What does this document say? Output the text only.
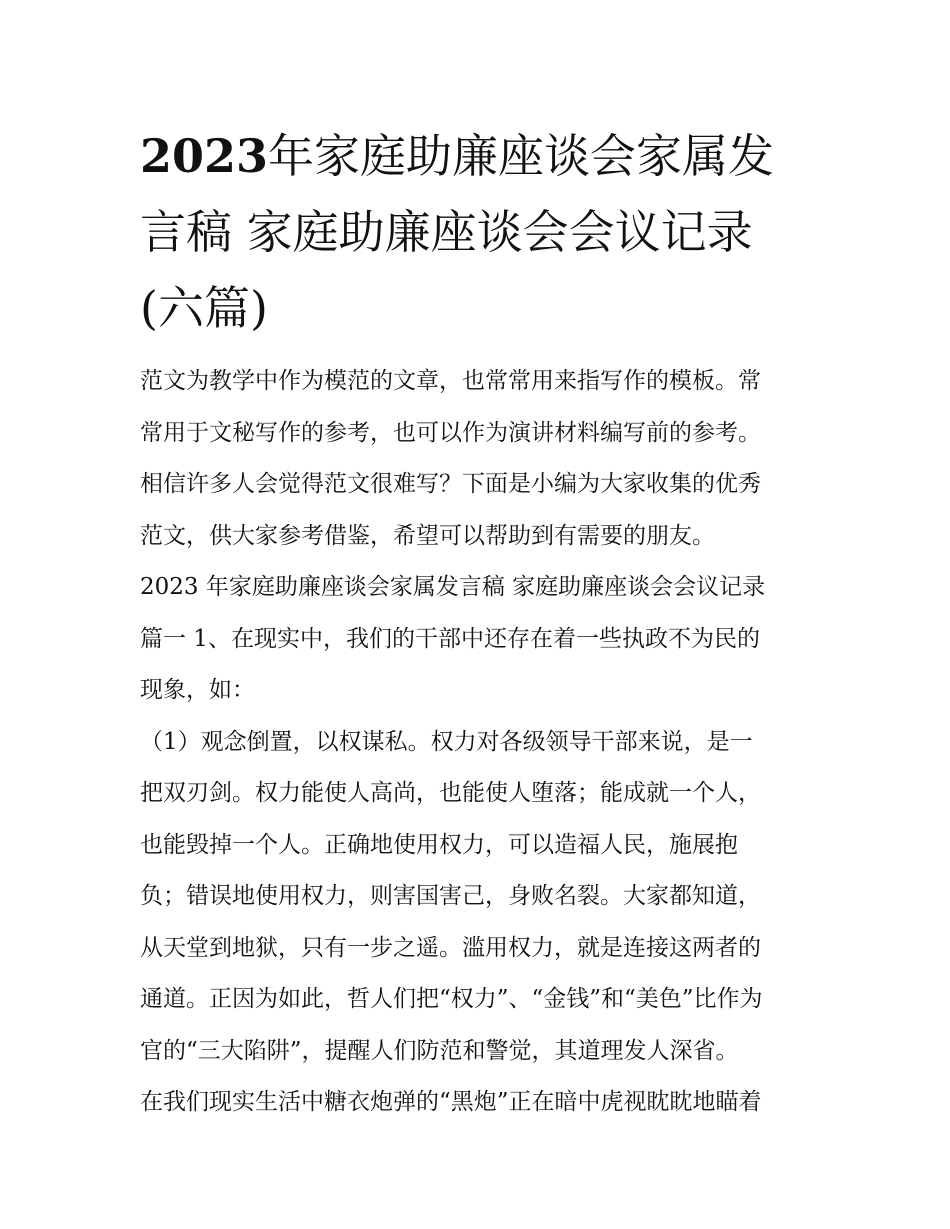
2023年家庭助廉座谈会家属发
言稿 家庭助廉座谈会会议记录
(六篇)
范文为教学中作为模范的文章，也常常用来指写作的模板。常
常用于文秘写作的参考，也可以作为演讲材料编写前的参考。
相信许多人会觉得范文很难写？下面是小编为大家收集的优秀
范文，供大家参考借鉴，希望可以帮助到有需要的朋友。
2023 年家庭助廉座谈会家属发言稿 家庭助廉座谈会会议记录
篇一 1、在现实中，我们的干部中还存在着一些执政不为民的
现象，如：
（1）观念倒置，以权谋私。权力对各级领导干部来说，是一
把双刃剑。权力能使人高尚，也能使人堕落；能成就一个人，
也能毁掉一个人。正确地使用权力，可以造福人民，施展抱
负；错误地使用权力，则害国害己，身败名裂。大家都知道，
从天堂到地狱，只有一步之遥。滥用权力，就是连接这两者的
通道。正因为如此，哲人们把“权力”、“金钱”和“美色”比作为
官的“三大陷阱”，提醒人们防范和警觉，其道理发人深省。
在我们现实生活中糖衣炮弹的“黑炮”正在暗中虎视眈眈地瞄着
